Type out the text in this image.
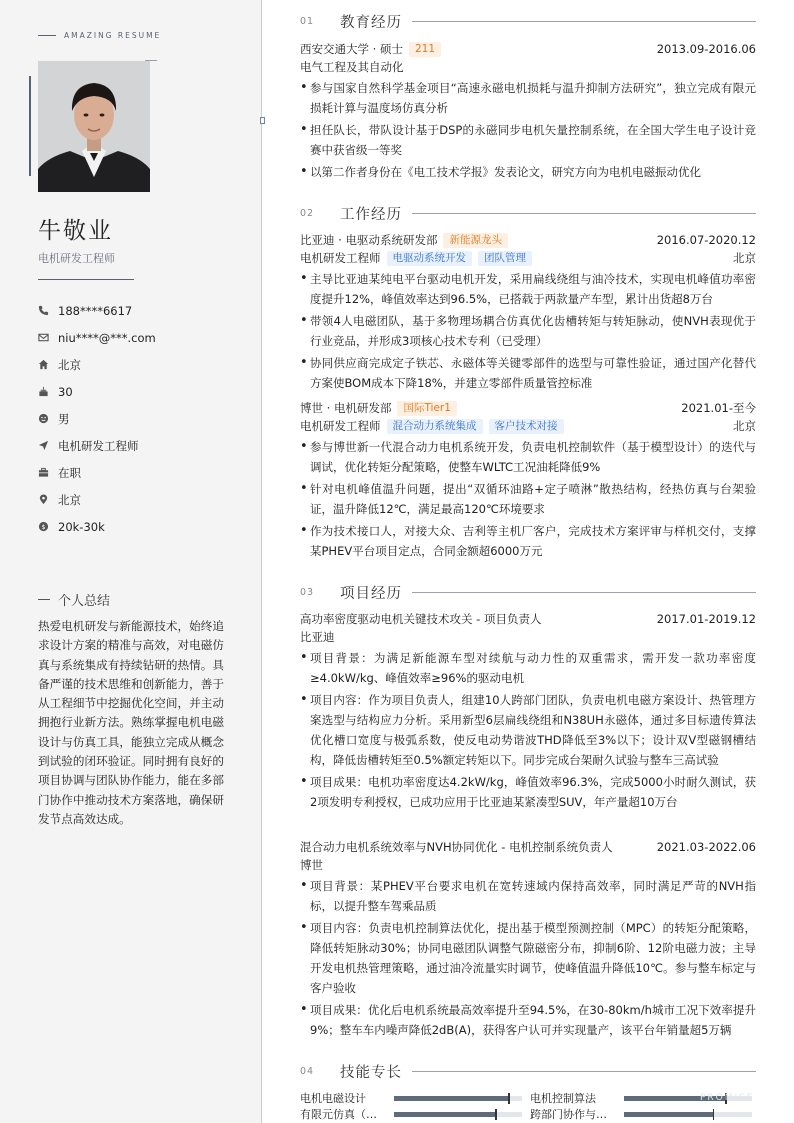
AMAZING RESUME
牛敬业
电机研发工程师
188****6617
niu****@***.com
北京
30
男
电机研发工程师
在职
北京
$ 20k-30k
个人总结
热爱电机研发与新能源技术，始终追求设计方案的精准与高效，对电磁仿真与系统集成有持续钻研的热情。具备严谨的技术思维和创新能力，善于从工程细节中挖掘优化空间，并主动拥抱行业新方法。熟练掌握电机电磁设计与仿真工具，能独立完成从概念到试验的闭环验证。同时拥有良好的项目协调与团队协作能力，能在多部门协作中推动技术方案落地，确保研发节点高效达成。
01	教育经历
西安交通大学 · 硕士	211	2013.09-2016.06
电气工程及其自动化
• 参与国家自然科学基金项目“高速永磁电机损耗与温升抑制方法研究”，独立完成有限元损耗计算与温度场仿真分析
• 担任队长，带队设计基于DSP的永磁同步电机矢量控制系统，在全国大学生电子设计竞赛中获省级一等奖
• 以第二作者身份在《电工技术学报》发表论文，研究方向为电机电磁振动优化
02	工作经历
比亚迪 · 电驱动系统研发部	新能源龙头	2016.07-2020.12
电机研发工程师	电驱动系统开发	团队管理	北京
• 主导比亚迪某纯电平台驱动电机开发，采用扁线绕组与油冷技术，实现电机峰值功率密度提升12%，峰值效率达到96.5%，已搭载于两款量产车型，累计出货超8万台
• 带领4人电磁团队，基于多物理场耦合仿真优化齿槽转矩与转矩脉动，使NVH表现优于行业竞品，并形成3项核心技术专利（已受理）
• 协同供应商完成定子铁芯、永磁体等关键零部件的选型与可靠性验证，通过国产化替代方案使BOM成本下降18%，并建立零部件质量管控标准
博世 · 电机研发部	国际Tier1	2021.01-至今
电机研发工程师	混合动力系统集成	客户技术对接	北京
• 参与博世新一代混合动力电机系统开发，负责电机控制软件（基于模型设计）的迭代与调试，优化转矩分配策略，使整车WLTC工况油耗降低9%
• 针对电机峰值温升问题，提出“双循环油路+定子喷淋”散热结构，经热仿真与台架验证，温升降低12℃，满足最高120℃环境要求
• 作为技术接口人，对接大众、吉利等主机厂客户，完成技术方案评审与样机交付，支撑某PHEV平台项目定点，合同金额超6000万元
03	项目经历
高功率密度驱动电机关键技术攻关 - 项目负责人	2017.01-2019.12
比亚迪
• 项目背景：为满足新能源车型对续航与动力性的双重需求，需开发一款功率密度≥4.0kW/kg、峰值效率≥96%的驱动电机
• 项目内容：作为项目负责人，组建10人跨部门团队，负责电机电磁方案设计、热管理方案选型与结构应力分析。采用新型6层扁线绕组和N38UH永磁体，通过多目标遗传算法优化槽口宽度与极弧系数，使反电动势谐波THD降低至3%以下；设计双V型磁钢槽结构，降低齿槽转矩至0.5%额定转矩以下。同步完成台架耐久试验与整车三高试验
• 项目成果：电机功率密度达4.2kW/kg，峰值效率96.3%，完成5000小时耐久测试，获2项发明专利授权，已成功应用于比亚迪某紧凑型SUV，年产量超10万台
混合动力电机系统效率与NVH协同优化 - 电机控制系统负责人	2021.03-2022.06
博世
• 项目背景：某PHEV平台要求电机在宽转速域内保持高效率，同时满足严苛的NVH指标，以提升整车驾乘品质
• 项目内容：负责电机控制算法优化，提出基于模型预测控制（MPC）的转矩分配策略，降低转矩脉动30%；协同电磁团队调整气隙磁密分布，抑制6阶、12阶电磁力波；主导开发电机热管理策略，通过油冷流量实时调节，使峰值温升降低10℃。参与整车标定与客户验收
• 项目成果：优化后电机系统最高效率提升至94.5%，在30-80km/h城市工况下效率提升9%；整车车内噪声降低2dB(A)，获得客户认可并实现量产，该平台年销量超5万辆
04	技能专长
电机电磁设计	电机控制算法
有限元仿真（…	跨部门协作与…
PROMISE
